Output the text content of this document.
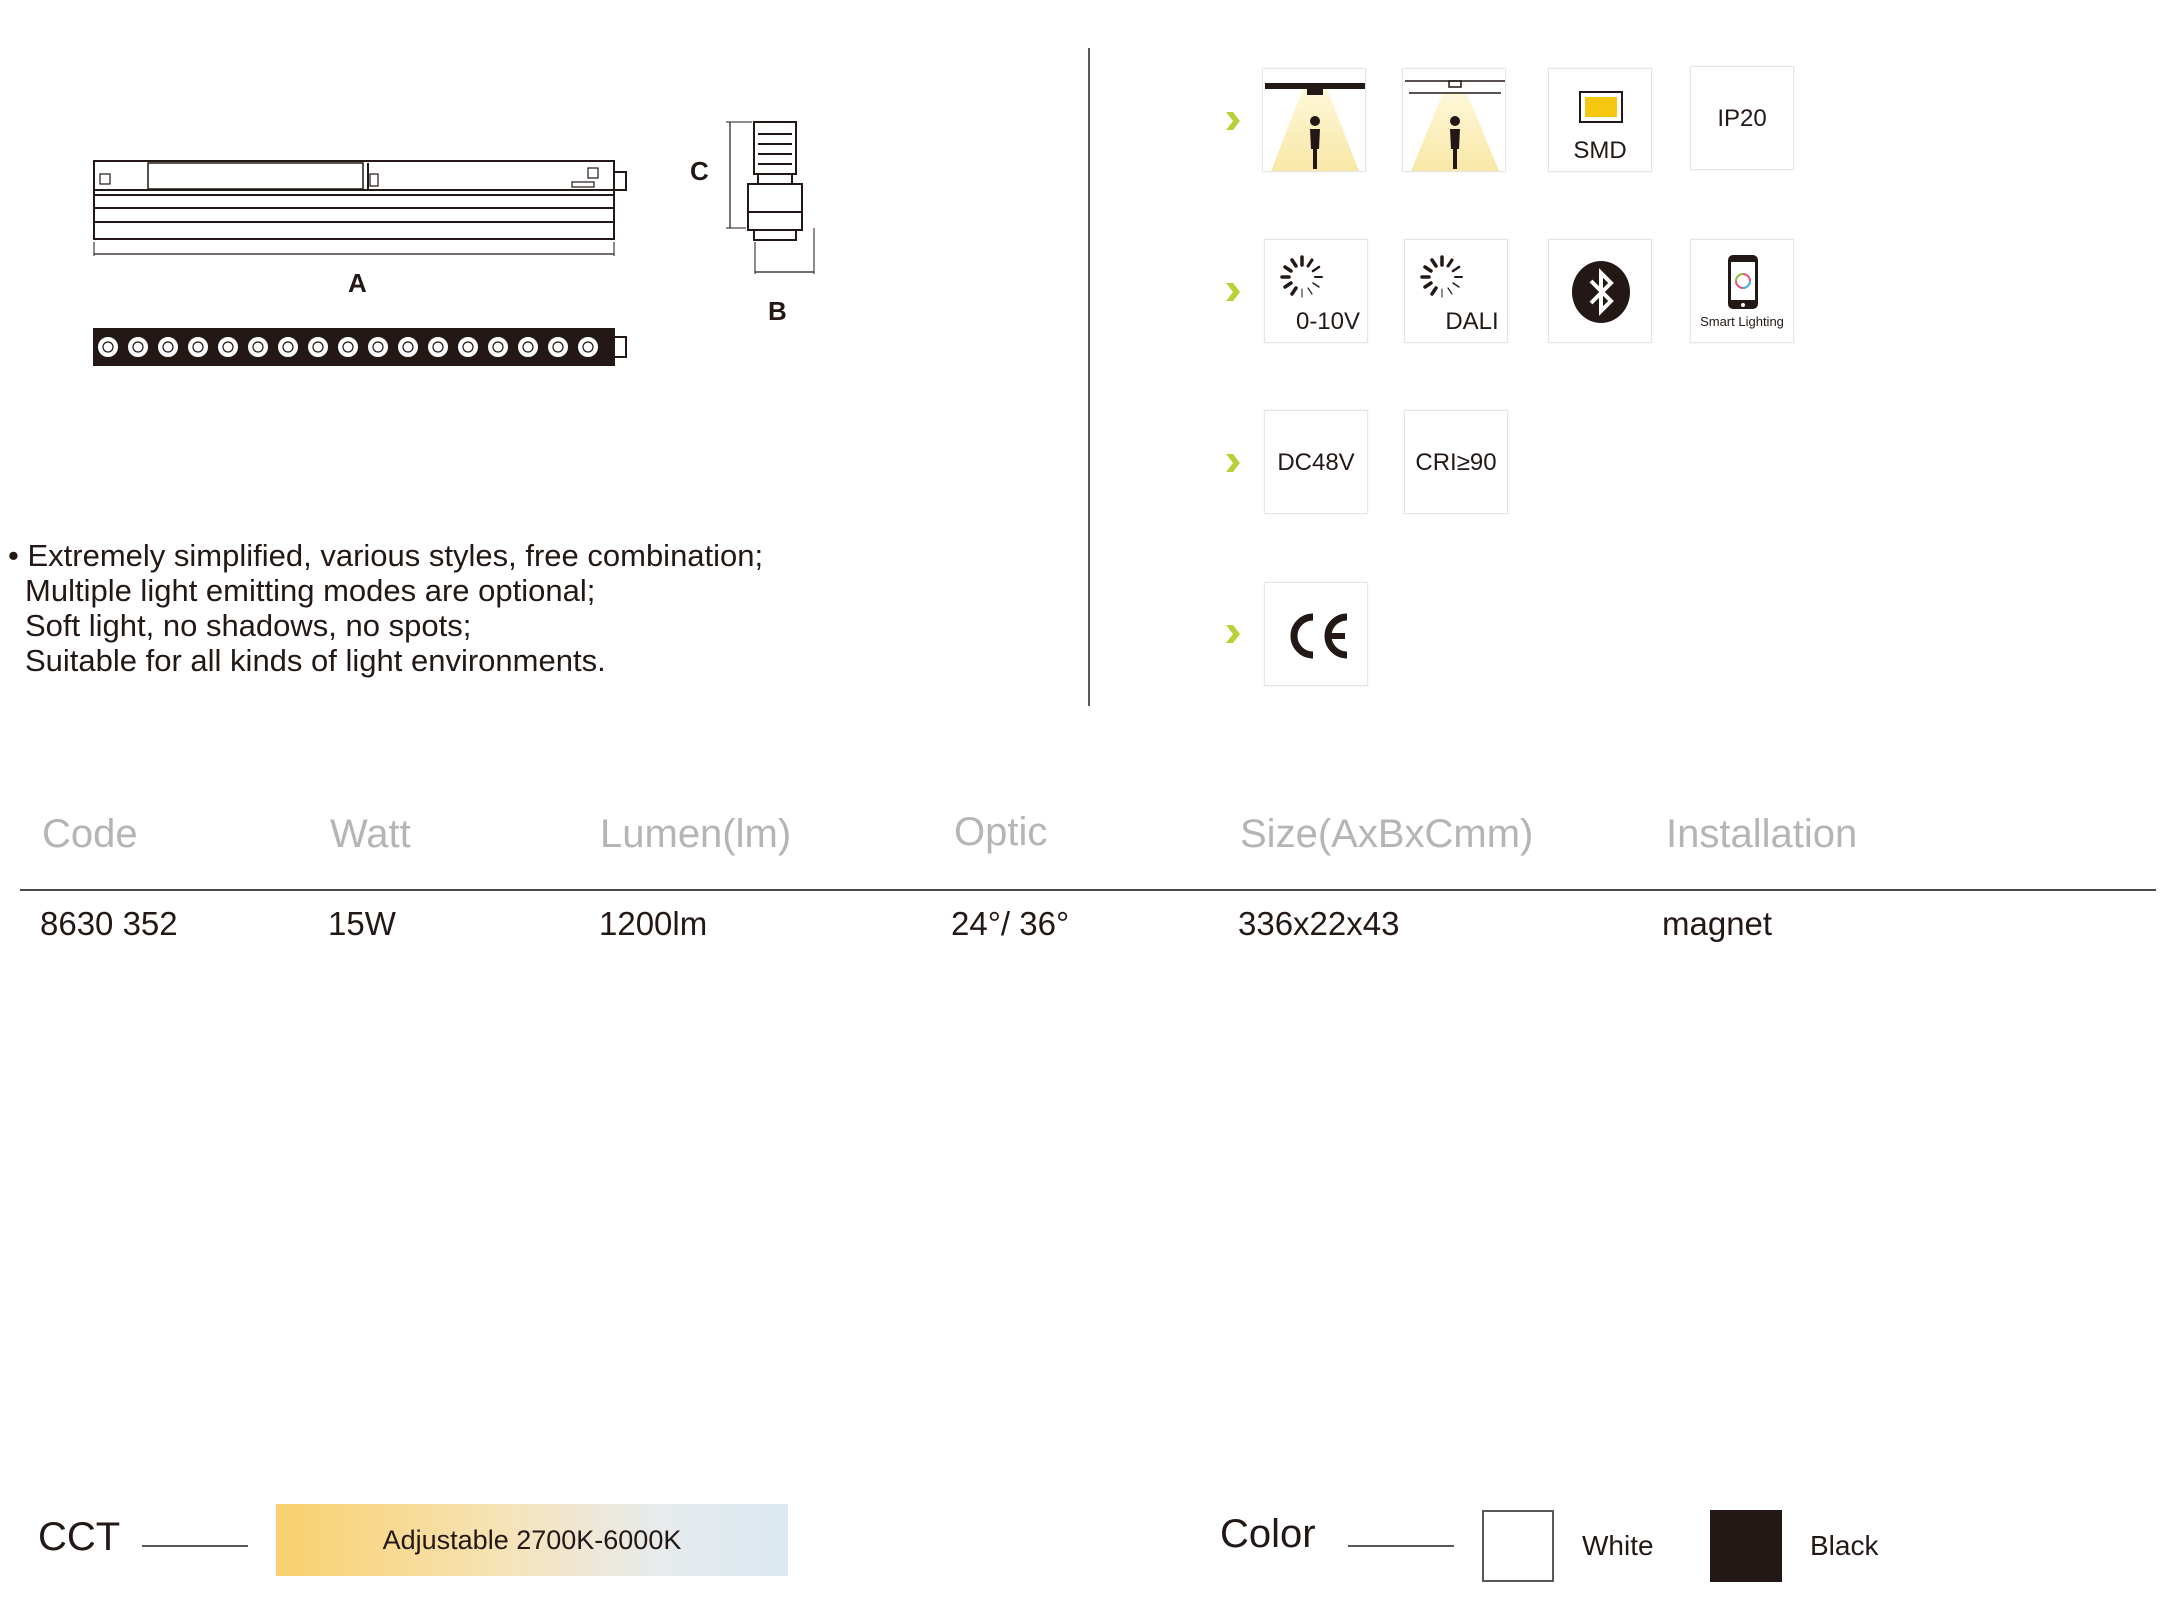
A
C
B
• Extremely simplified, various styles, free combination;
Multiple light emitting modes are optional;
Soft light, no shadows, no spots;
Suitable for all kinds of light environments.
SMD
IP20
0-10V	DALI	Smart Lighting
DC48V	CRI≥90
Code	Watt	Lumen(lm)	Optic	Size(AxBxCmm)	Installation
8630 352	15W	1200lm	24°/ 36°	336x22x43	magnet
CCT	Adjustable 2700K-6000K	Color	White	Black
